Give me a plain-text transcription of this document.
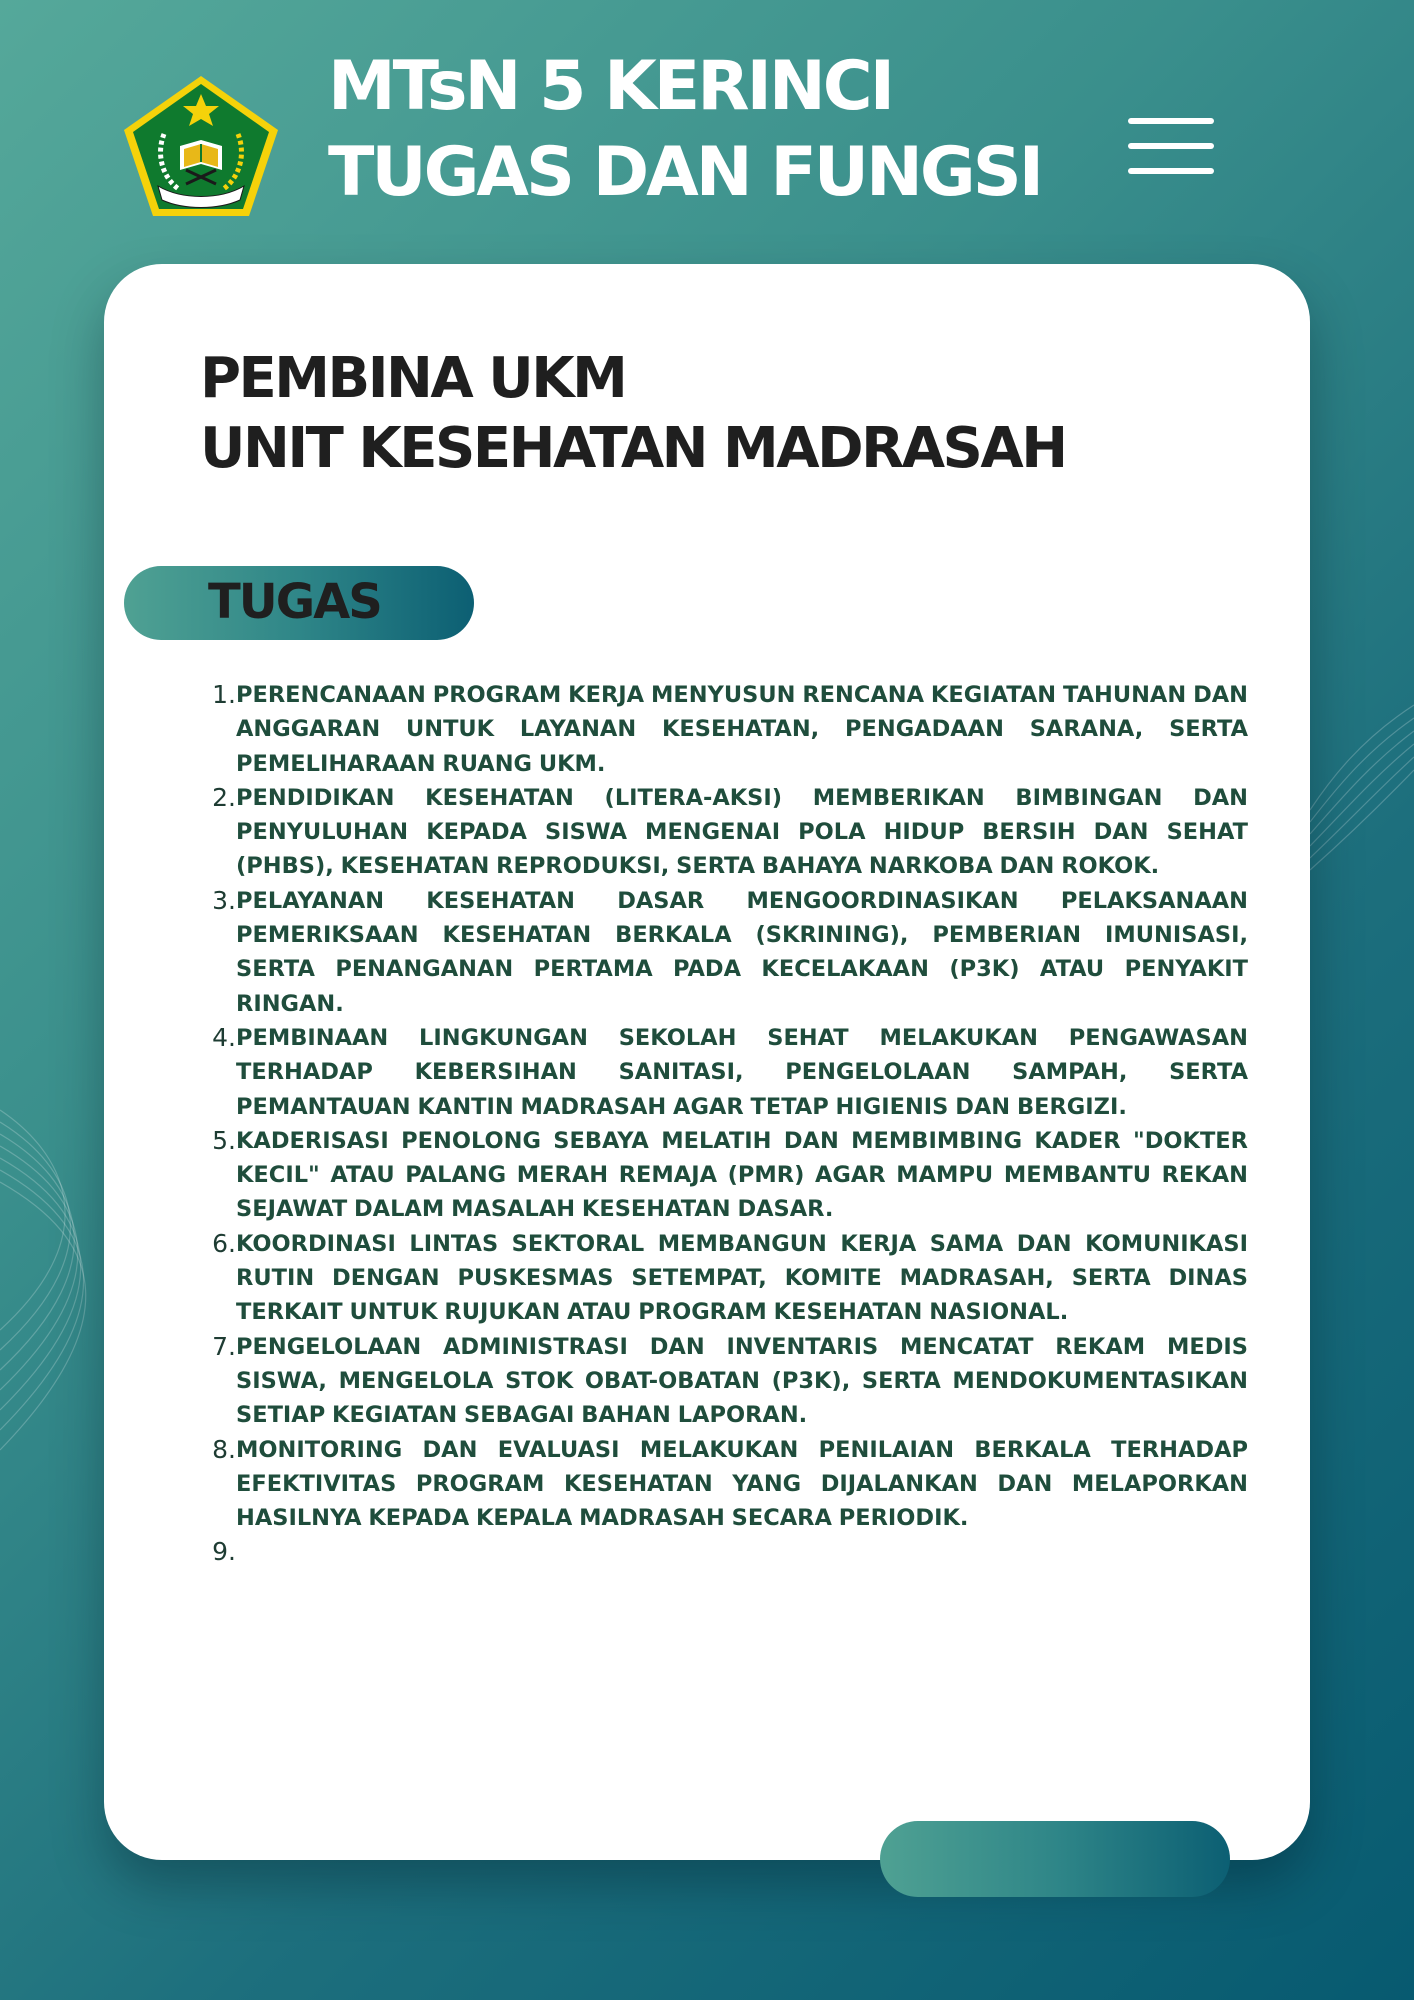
MTsN 5 KERINCI
TUGAS DAN FUNGSI
PEMBINA UKM
UNIT KESEHATAN MADRASAH
TUGAS
1. PERENCANAAN PROGRAM KERJA MENYUSUN RENCANA KEGIATAN TAHUNAN DAN ANGGARAN UNTUK LAYANAN KESEHATAN, PENGADAAN SARANA, SERTA PEMELIHARAAN RUANG UKM.
2. PENDIDIKAN KESEHATAN (LITERA-AKSI) MEMBERIKAN BIMBINGAN DAN PENYULUHAN KEPADA SISWA MENGENAI POLA HIDUP BERSIH DAN SEHAT (PHBS), KESEHATAN REPRODUKSI, SERTA BAHAYA NARKOBA DAN ROKOK.
3. PELAYANAN KESEHATAN DASAR MENGOORDINASIKAN PELAKSANAAN PEMERIKSAAN KESEHATAN BERKALA (SKRINING), PEMBERIAN IMUNISASI, SERTA PENANGANAN PERTAMA PADA KECELAKAAN (P3K) ATAU PENYAKIT RINGAN.
4. PEMBINAAN LINGKUNGAN SEKOLAH SEHAT MELAKUKAN PENGAWASAN TERHADAP KEBERSIHAN SANITASI, PENGELOLAAN SAMPAH, SERTA PEMANTAUAN KANTIN MADRASAH AGAR TETAP HIGIENIS DAN BERGIZI.
5. KADERISASI PENOLONG SEBAYA MELATIH DAN MEMBIMBING KADER "DOKTER KECIL" ATAU PALANG MERAH REMAJA (PMR) AGAR MAMPU MEMBANTU REKAN SEJAWAT DALAM MASALAH KESEHATAN DASAR.
6. KOORDINASI LINTAS SEKTORAL MEMBANGUN KERJA SAMA DAN KOMUNIKASI RUTIN DENGAN PUSKESMAS SETEMPAT, KOMITE MADRASAH, SERTA DINAS TERKAIT UNTUK RUJUKAN ATAU PROGRAM KESEHATAN NASIONAL.
7. PENGELOLAAN ADMINISTRASI DAN INVENTARIS MENCATAT REKAM MEDIS SISWA, MENGELOLA STOK OBAT-OBATAN (P3K), SERTA MENDOKUMENTASIKAN SETIAP KEGIATAN SEBAGAI BAHAN LAPORAN.
8. MONITORING DAN EVALUASI MELAKUKAN PENILAIAN BERKALA TERHADAP EFEKTIVITAS PROGRAM KESEHATAN YANG DIJALANKAN DAN MELAPORKAN HASILNYA KEPADA KEPALA MADRASAH SECARA PERIODIK.
9.
